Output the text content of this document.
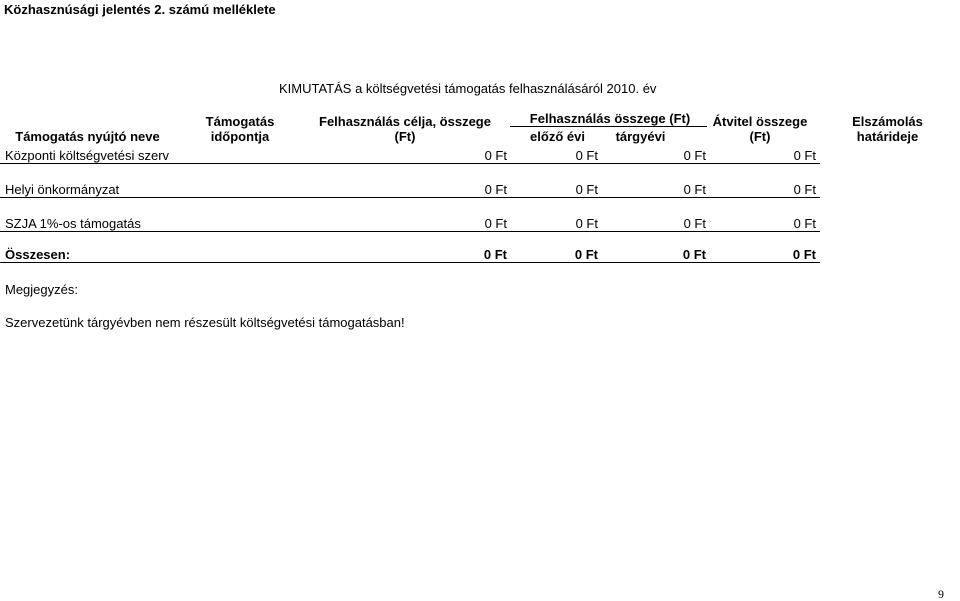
Közhasznúsági jelentés 2. számú melléklete
KIMUTATÁS a költségvetési támogatás felhasználásáról 2010. év
Támogatás nyújtó neve
Támogatás
időpontja
Felhasználás célja, összege
(Ft)
Felhasználás összege (Ft)
előző évi	tárgyévi
Átvitel összege
(Ft)
Elszámolás
határideje
Központi költségvetési szerv	0 Ft	0 Ft	0 Ft	0 Ft
Helyi önkormányzat	0 Ft	0 Ft	0 Ft	0 Ft
SZJA 1%-os támogatás	0 Ft	0 Ft	0 Ft	0 Ft
Összesen:	0 Ft	0 Ft	0 Ft	0 Ft
Megjegyzés:
Szervezetünk tárgyévben nem részesült költségvetési támogatásban!
9
